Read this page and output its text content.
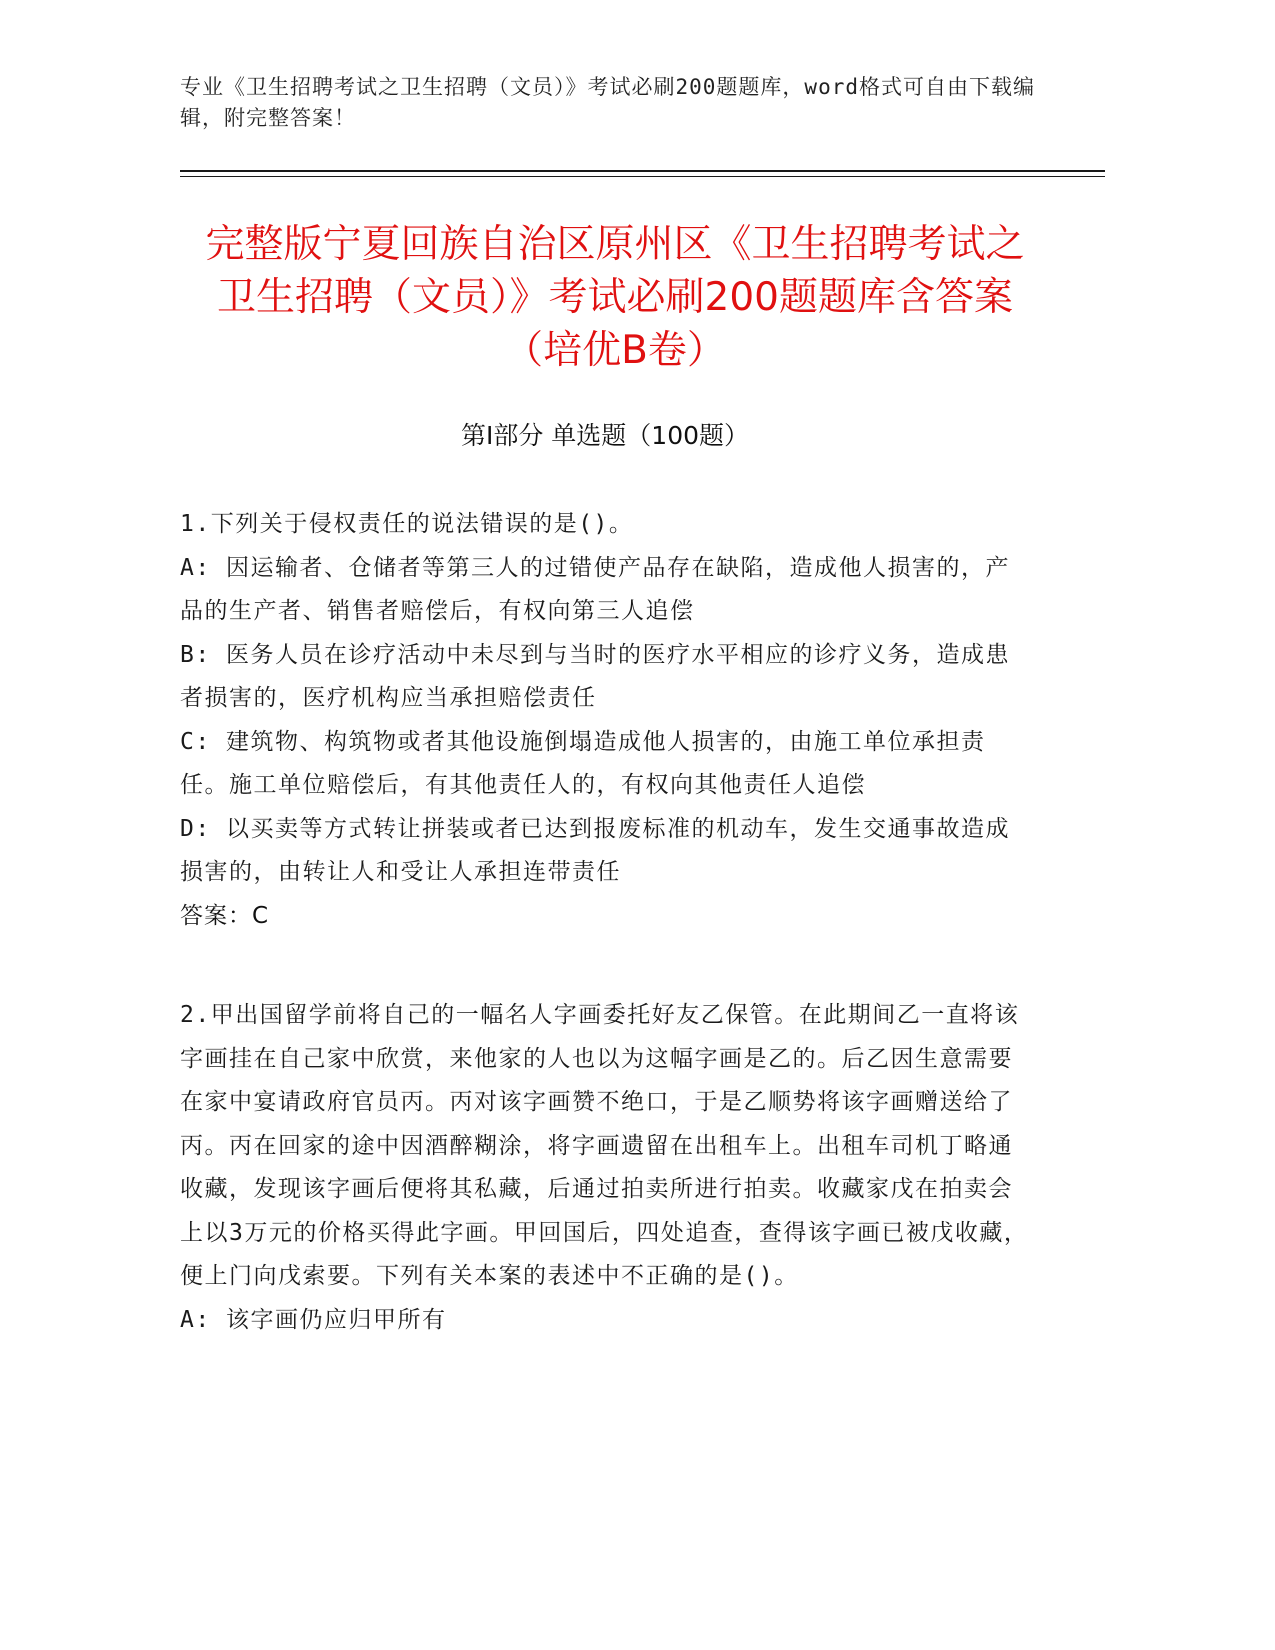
专业《卫生招聘考试之卫生招聘（文员）》考试必刷200题题库，word格式可自由下载编辑，附完整答案！
完整版宁夏回族自治区原州区《卫生招聘考试之卫生招聘（文员）》考试必刷200题题库含答案（培优B卷）
第Ⅰ部分 单选题（100题）

1.下列关于侵权责任的说法错误的是()。

A: 因运输者、仓储者等第三人的过错使产品存在缺陷，造成他人损害的，产品的生产者、销售者赔偿后，有权向第三人追偿

B: 医务人员在诊疗活动中未尽到与当时的医疗水平相应的诊疗义务，造成患者损害的，医疗机构应当承担赔偿责任

C: 建筑物、构筑物或者其他设施倒塌造成他人损害的，由施工单位承担责任。施工单位赔偿后，有其他责任人的，有权向其他责任人追偿

D: 以买卖等方式转让拼装或者已达到报废标准的机动车，发生交通事故造成损害的，由转让人和受让人承担连带责任

答案：C

2.甲出国留学前将自己的一幅名人字画委托好友乙保管。在此期间乙一直将该字画挂在自己家中欣赏，来他家的人也以为这幅字画是乙的。后乙因生意需要在家中宴请政府官员丙。丙对该字画赞不绝口，于是乙顺势将该字画赠送给了丙。丙在回家的途中因酒醉糊涂，将字画遗留在出租车上。出租车司机丁略通收藏，发现该字画后便将其私藏，后通过拍卖所进行拍卖。收藏家戊在拍卖会上以3万元的价格买得此字画。甲回国后，四处追查，查得该字画已被戊收藏，便上门向戊索要。下列有关本案的表述中不正确的是()。

A: 该字画仍应归甲所有
